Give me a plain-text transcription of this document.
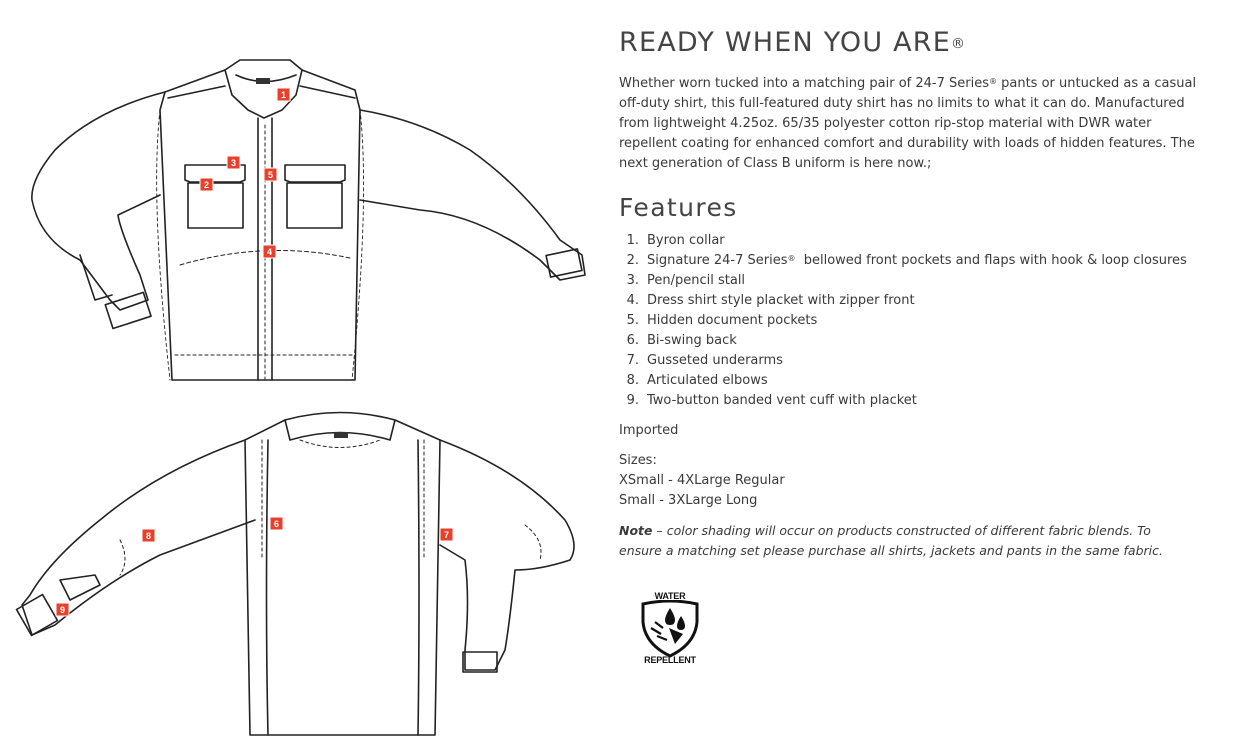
1
2
3
4
5
6
7
8
9
READY WHEN YOU ARE®

Whether worn tucked into a matching pair of 24-7 Series® pants or untucked as a casual off-duty shirt, this full-featured duty shirt has no limits to what it can do. Manufactured from lightweight 4.25oz. 65/35 polyester cotton rip-stop material with DWR water repellent coating for enhanced comfort and durability with loads of hidden features. The next generation of Class B uniform is here now.;

Features
1. Byron collar
2. Signature 24-7 Series®  bellowed front pockets and flaps with hook & loop closures
3. Pen/pencil stall
4. Dress shirt style placket with zipper front
5. Hidden document pockets
6. Bi-swing back
7. Gusseted underarms
8. Articulated elbows
9. Two-button banded vent cuff with placket

Imported

Sizes:
XSmall - 4XLarge Regular
Small - 3XLarge Long

Note – color shading will occur on products constructed of different fabric blends. To ensure a matching set please purchase all shirts, jackets and pants in the same fabric.

WATER
REPELLENT
